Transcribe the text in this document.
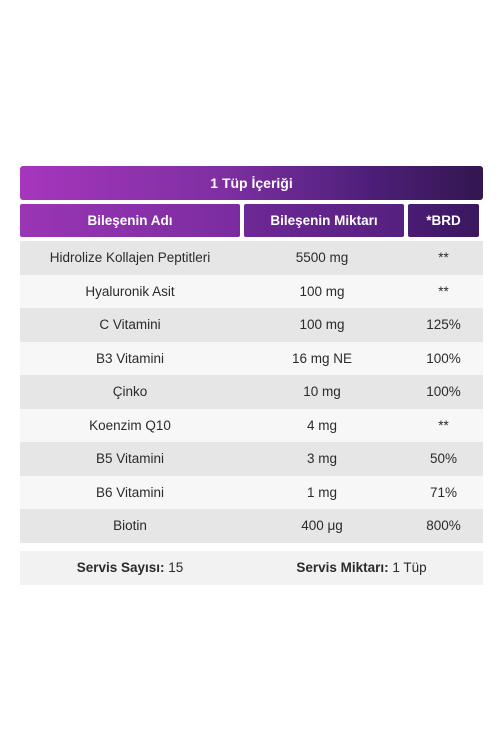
1 Tüp İçeriği
Bileşenin Adı	Bileşenin Miktarı	*BRD
Hidrolize Kollajen Peptitleri	5500 mg	**
Hyaluronik Asit	100 mg	**
C Vitamini	100 mg	125%
B3 Vitamini	16 mg NE	100%
Çinko	10 mg	100%
Koenzim Q10	4 mg	**
B5 Vitamini	3 mg	50%
B6 Vitamini	1 mg	71%
Biotin	400 μg	800%
Servis Sayısı: 15	Servis Miktarı: 1 Tüp
